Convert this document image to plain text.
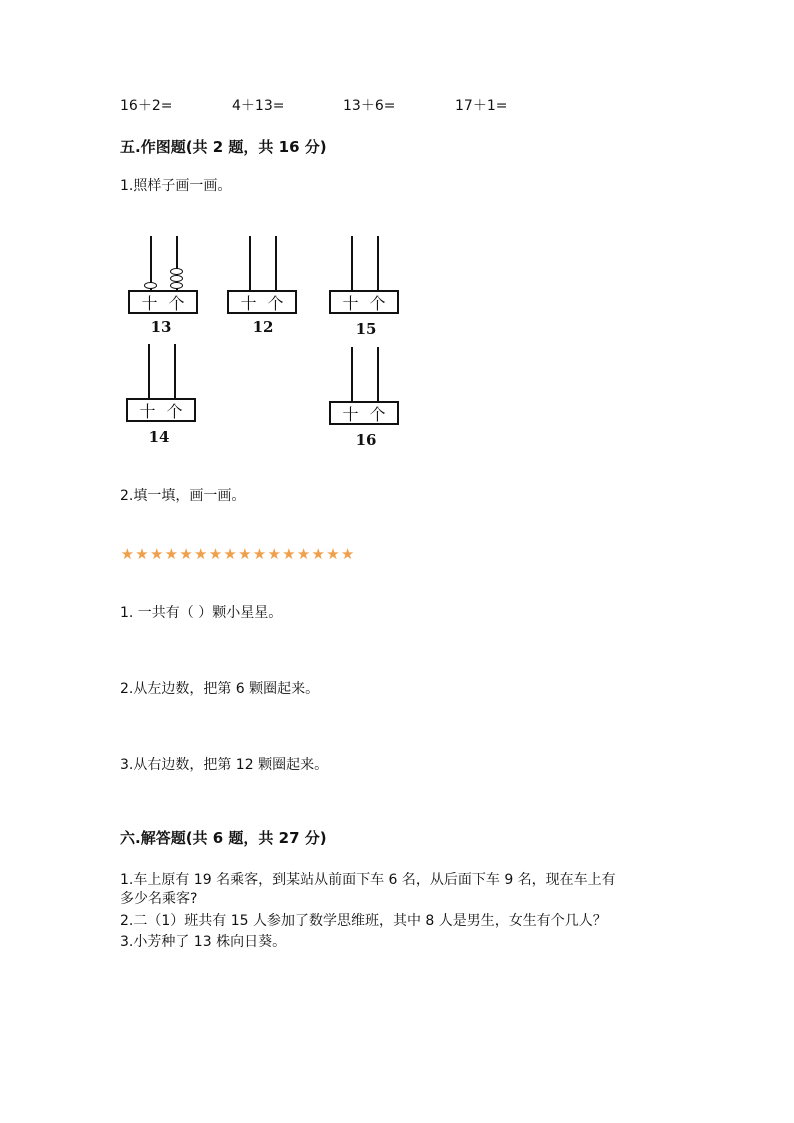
16＋2=	4＋13=	13＋6=	17＋1=
五.作图题(共 2 题，共 16 分)
1.照样子画一画。
十 个
13
十 个
12
十 个
15
十 个
14
十 个
16
2.填一填，画一画。
★ ★ ★ ★ ★ ★ ★ ★ ★ ★ ★ ★ ★ ★ ★ ★
1. 一共有（ ）颗小星星。
2.从左边数，把第 6 颗圈起来。
3.从右边数，把第 12 颗圈起来。
六.解答题(共 6 题，共 27 分)
1.车上原有 19 名乘客，到某站从前面下车 6 名，从后面下车 9 名，现在车上有
多少名乘客?
2.二（1）班共有 15 人参加了数学思维班，其中 8 人是男生，女生有个几人？
3.小芳种了 13 株向日葵。
